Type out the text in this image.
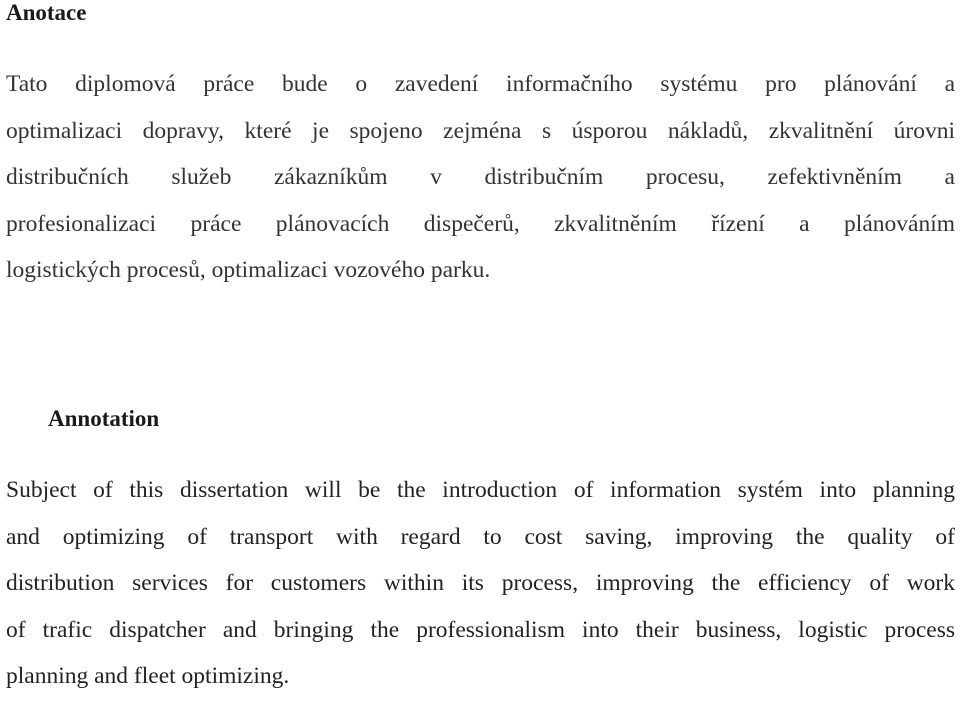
Anotace
Tato diplomová práce bude o zavedení informačního systému pro plánování a
optimalizaci dopravy, které je spojeno zejména s úsporou nákladů, zkvalitnění úrovni
distribučních služeb zákazníkům v distribučním procesu, zefektivněním a
profesionalizaci práce plánovacích dispečerů, zkvalitněním řízení a plánováním
logistických procesů, optimalizaci vozového parku.
Annotation
Subject of this dissertation will be the introduction of information systém into planning
and optimizing of transport with regard to cost saving, improving the quality of
distribution services for customers within its process, improving the efficiency of work
of trafic dispatcher and bringing the professionalism into their business, logistic process
planning and fleet optimizing.
